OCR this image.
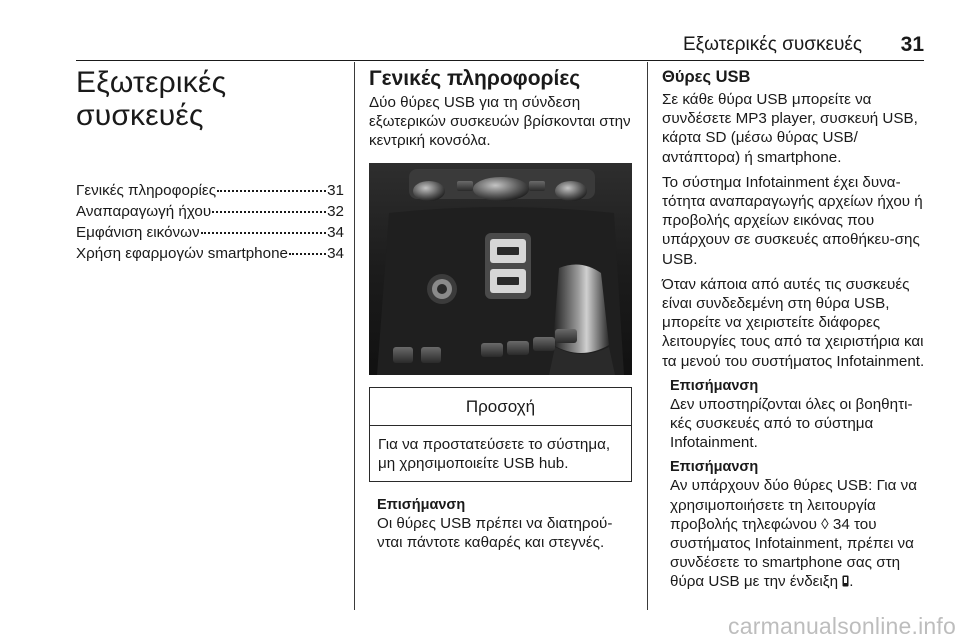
Εξωτερικές συσκευές 31
Εξωτερικές
συσκευές
Γενικές πληροφορίες	31
Αναπαραγωγή ήχου	32
Εμφάνιση εικόνων	34
Χρήση εφαρμογών smartphone	34
Γενικές πληροφορίες

Δύο θύρες USB για τη σύνδεση εξωτερικών συσκευών βρίσκονται στην κεντρική κονσόλα.

Προσοχή
Για να προστατεύσετε το σύστημα, μη χρησιμοποιείτε USB hub.
Επισήμανση
Οι θύρες USB πρέπει να διατηρού-νται πάντοτε καθαρές και στεγνές.
Θύρες USB

Σε κάθε θύρα USB μπορείτε να συνδέσετε MP3 player, συσκευή USB, κάρτα SD (μέσω θύρας USB/ αντάπτορα) ή smartphone.

Το σύστημα Infotainment έχει δυνα-τότητα αναπαραγωγής αρχείων ήχου ή προβολής αρχείων εικόνας που υπάρχουν σε συσκευές αποθήκευ-σης USB.

Όταν κάποια από αυτές τις συσκευές είναι συνδεδεμένη στη θύρα USB, μπορείτε να χειριστείτε διάφορες λειτουργίες τους από τα χειριστήρια και τα μενού του συστήματος Infotainment.

Επισήμανση
Δεν υποστηρίζονται όλες οι βοηθητι-κές συσκευές από το σύστημα Infotainment.
Επισήμανση
Αν υπάρχουν δύο θύρες USB: Για να χρησιμοποιήσετε τη λειτουργία προβολής τηλεφώνου ◊ 34 του συστήματος Infotainment, πρέπει να συνδέσετε το smartphone σας στη θύρα USB με την ένδειξη .
carmanualsonline.info
